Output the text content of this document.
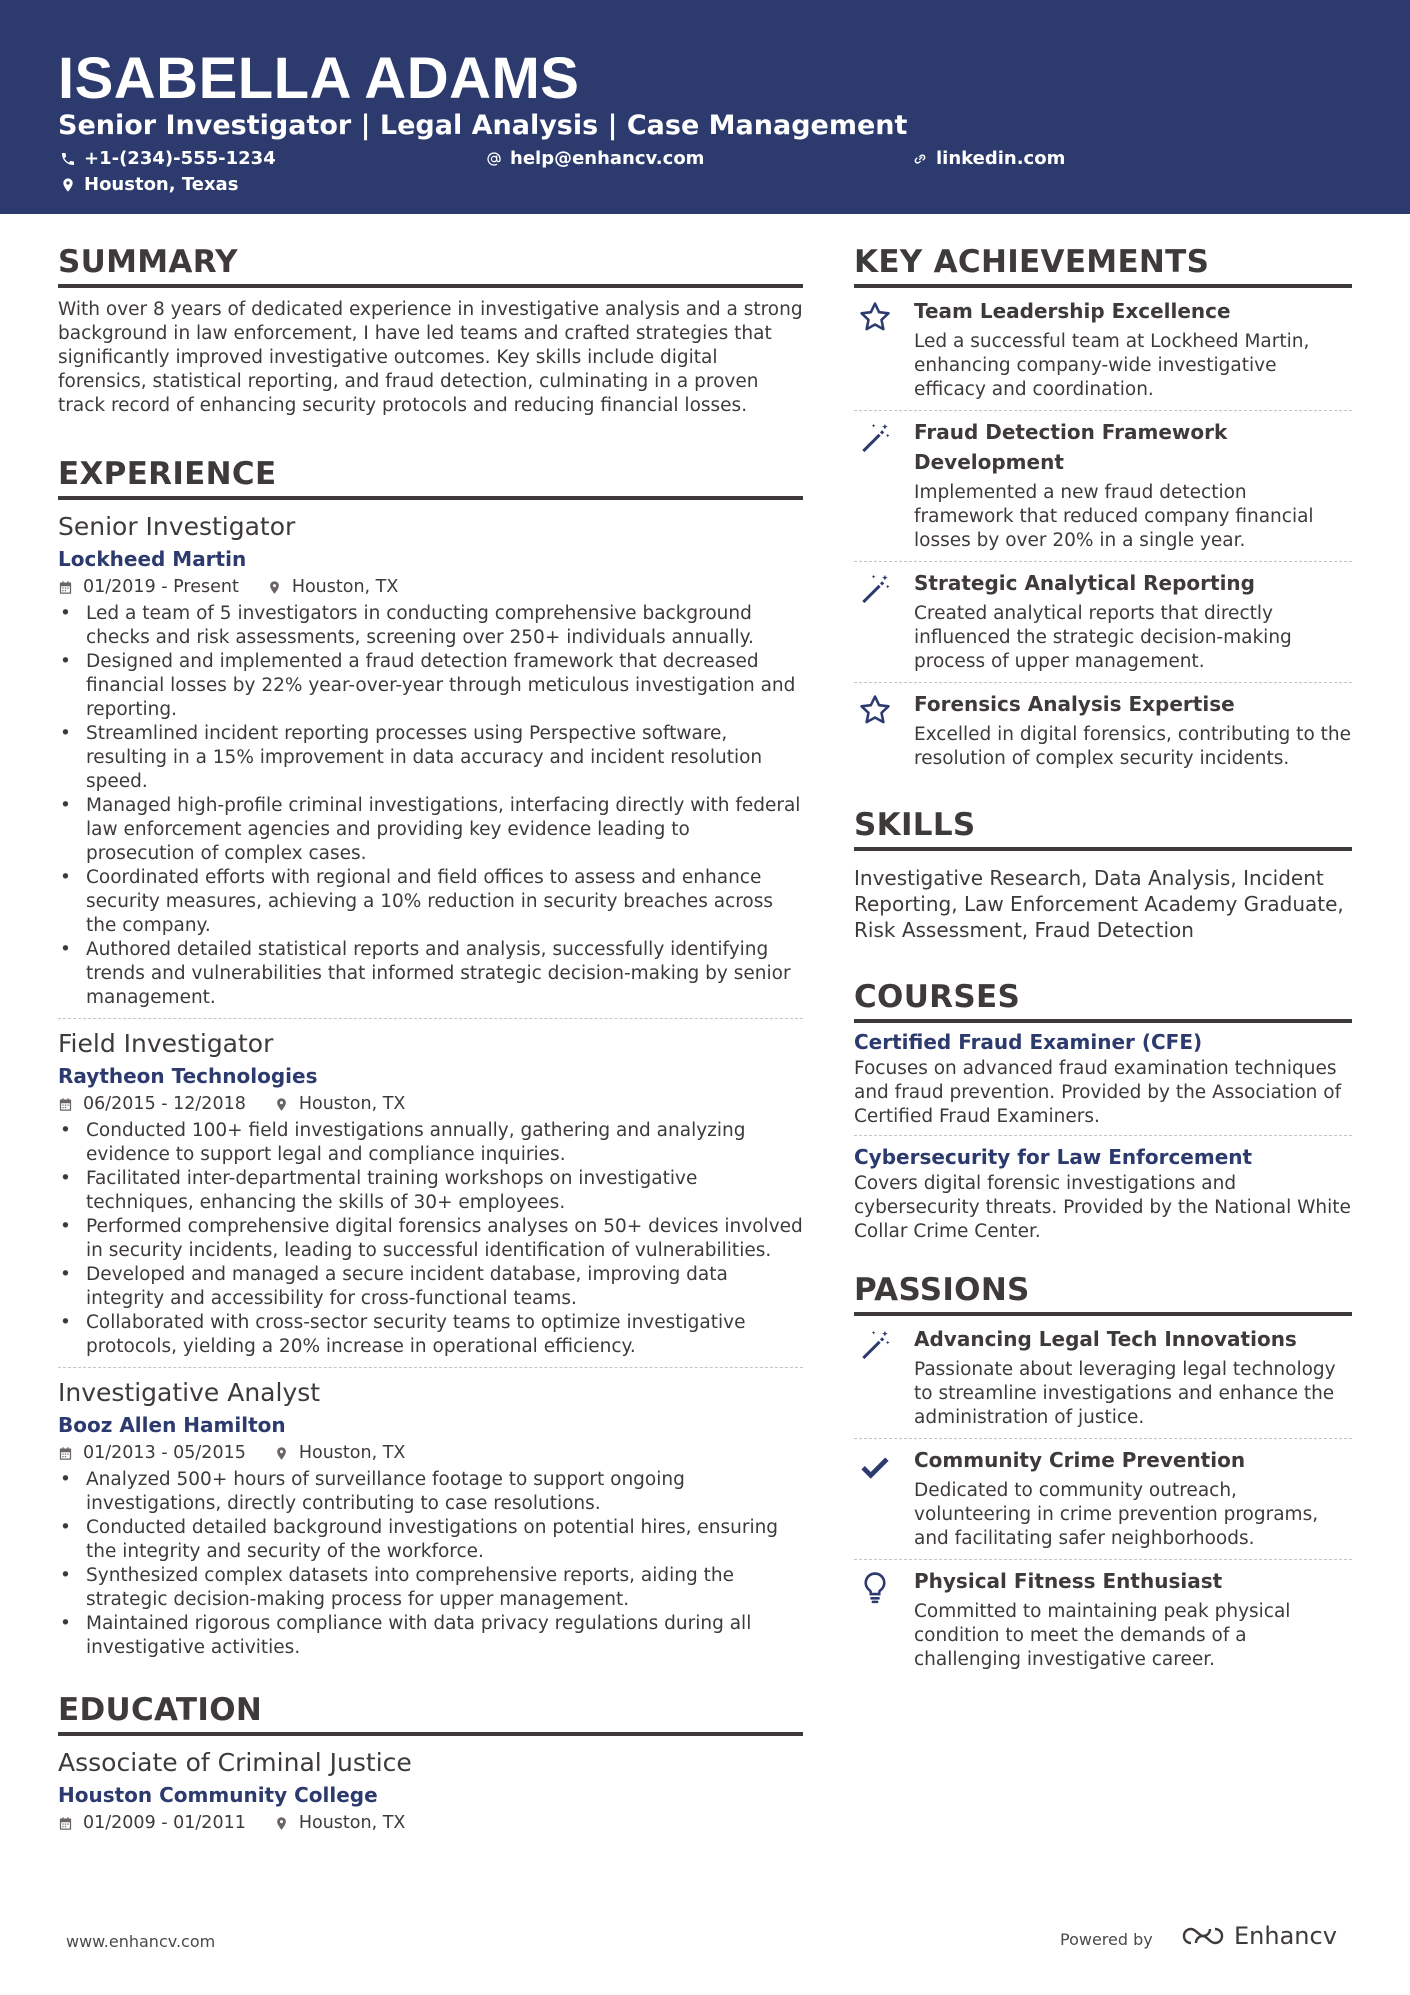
ISABELLA ADAMS
Senior Investigator | Legal Analysis | Case Management
+1-(234)-555-1234	help@enhancv.com	linkedin.com
Houston, Texas
SUMMARY
With over 8 years of dedicated experience in investigative analysis and a strong background in law enforcement, I have led teams and crafted strategies that significantly improved investigative outcomes. Key skills include digital forensics, statistical reporting, and fraud detection, culminating in a proven track record of enhancing security protocols and reducing financial losses.
EXPERIENCE
Senior Investigator
Lockheed Martin
01/2019 - Present	Houston, TX
• Led a team of 5 investigators in conducting comprehensive background checks and risk assessments, screening over 250+ individuals annually.
• Designed and implemented a fraud detection framework that decreased financial losses by 22% year-over-year through meticulous investigation and reporting.
• Streamlined incident reporting processes using Perspective software, resulting in a 15% improvement in data accuracy and incident resolution speed.
• Managed high-profile criminal investigations, interfacing directly with federal law enforcement agencies and providing key evidence leading to prosecution of complex cases.
• Coordinated efforts with regional and field offices to assess and enhance security measures, achieving a 10% reduction in security breaches across the company.
• Authored detailed statistical reports and analysis, successfully identifying trends and vulnerabilities that informed strategic decision-making by senior management.
Field Investigator
Raytheon Technologies
06/2015 - 12/2018	Houston, TX
• Conducted 100+ field investigations annually, gathering and analyzing evidence to support legal and compliance inquiries.
• Facilitated inter-departmental training workshops on investigative techniques, enhancing the skills of 30+ employees.
• Performed comprehensive digital forensics analyses on 50+ devices involved in security incidents, leading to successful identification of vulnerabilities.
• Developed and managed a secure incident database, improving data integrity and accessibility for cross-functional teams.
• Collaborated with cross-sector security teams to optimize investigative protocols, yielding a 20% increase in operational efficiency.
Investigative Analyst
Booz Allen Hamilton
01/2013 - 05/2015	Houston, TX
• Analyzed 500+ hours of surveillance footage to support ongoing investigations, directly contributing to case resolutions.
• Conducted detailed background investigations on potential hires, ensuring the integrity and security of the workforce.
• Synthesized complex datasets into comprehensive reports, aiding the strategic decision-making process for upper management.
• Maintained rigorous compliance with data privacy regulations during all investigative activities.
EDUCATION
Associate of Criminal Justice
Houston Community College
01/2009 - 01/2011	Houston, TX
KEY ACHIEVEMENTS
Team Leadership Excellence
Led a successful team at Lockheed Martin, enhancing company-wide investigative efficacy and coordination.
Fraud Detection Framework Development
Implemented a new fraud detection framework that reduced company financial losses by over 20% in a single year.
Strategic Analytical Reporting
Created analytical reports that directly influenced the strategic decision-making process of upper management.
Forensics Analysis Expertise
Excelled in digital forensics, contributing to the resolution of complex security incidents.
SKILLS
Investigative Research, Data Analysis, Incident Reporting, Law Enforcement Academy Graduate, Risk Assessment, Fraud Detection
COURSES
Certified Fraud Examiner (CFE)
Focuses on advanced fraud examination techniques and fraud prevention. Provided by the Association of Certified Fraud Examiners.
Cybersecurity for Law Enforcement
Covers digital forensic investigations and cybersecurity threats. Provided by the National White Collar Crime Center.
PASSIONS
Advancing Legal Tech Innovations
Passionate about leveraging legal technology to streamline investigations and enhance the administration of justice.
Community Crime Prevention
Dedicated to community outreach, volunteering in crime prevention programs, and facilitating safer neighborhoods.
Physical Fitness Enthusiast
Committed to maintaining peak physical condition to meet the demands of a challenging investigative career.
www.enhancv.com	Powered by	Enhancv
